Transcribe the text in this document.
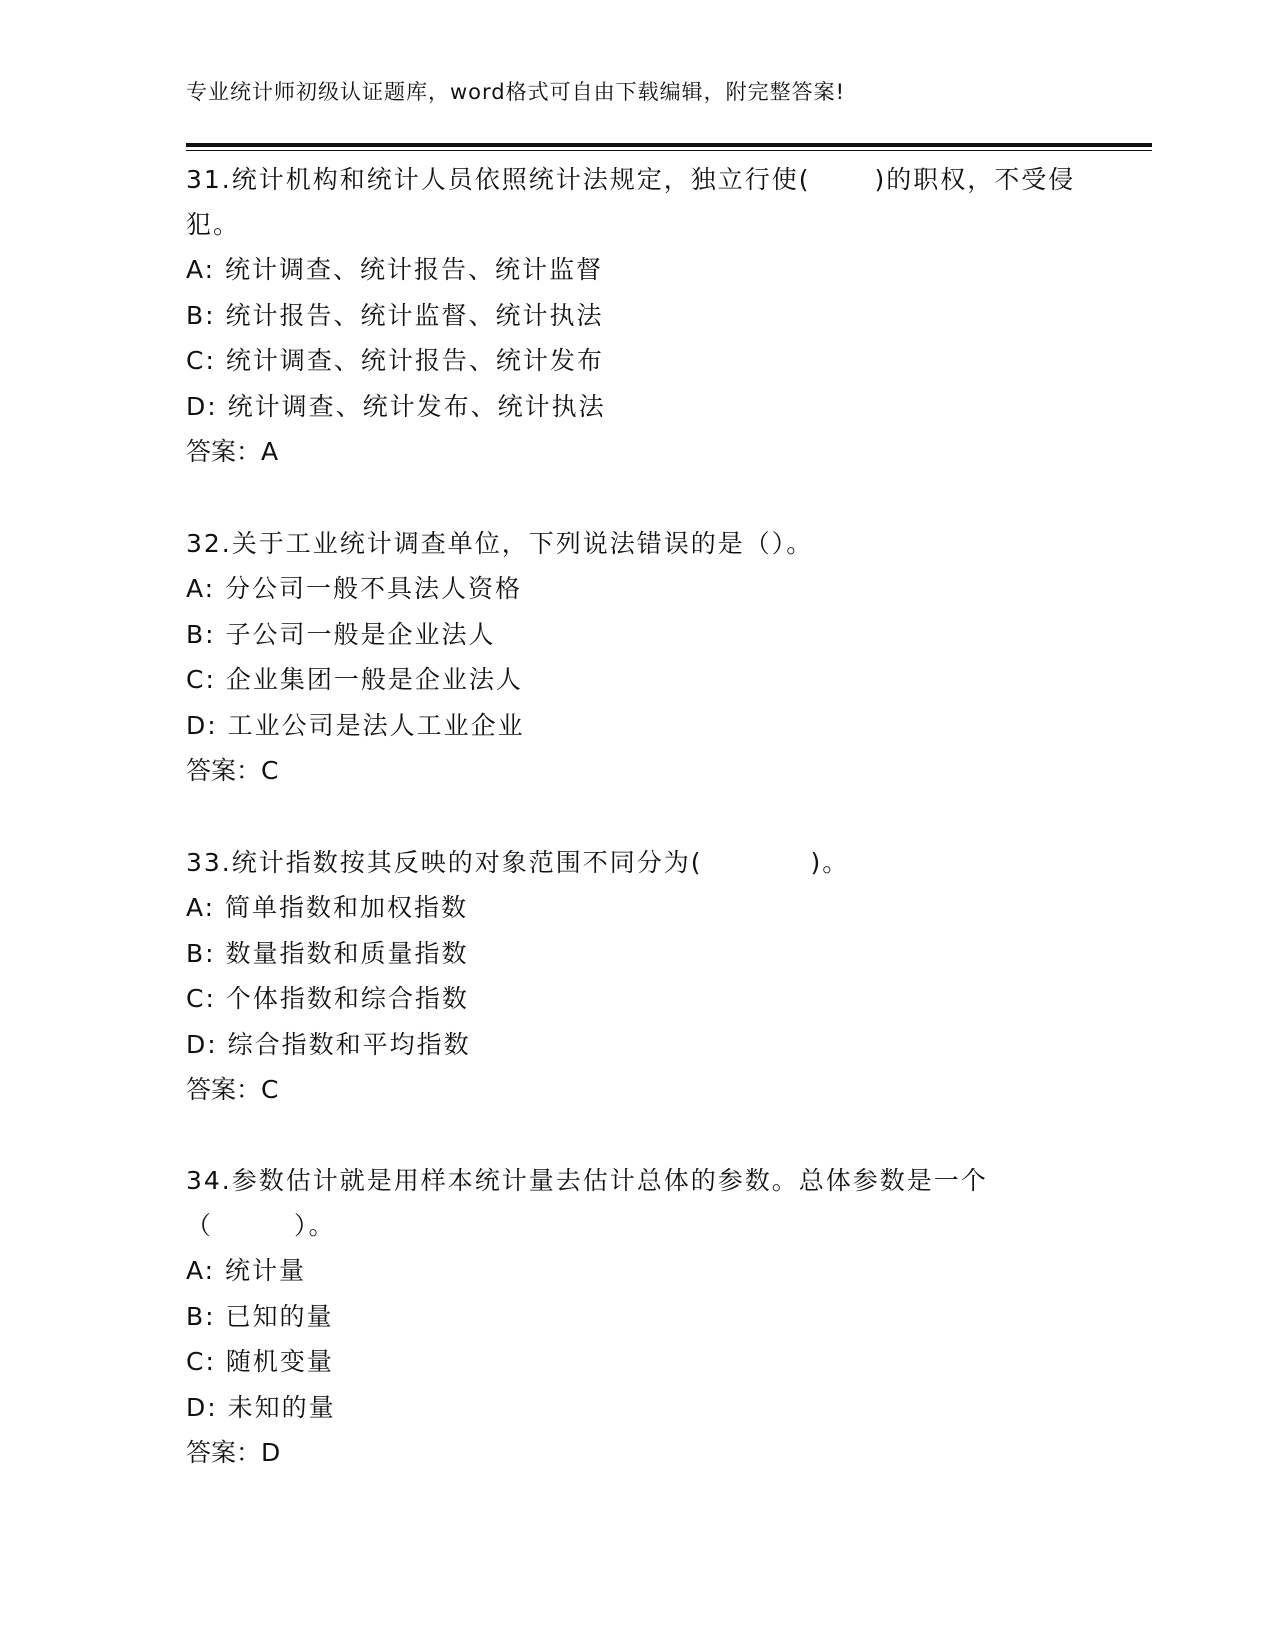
专业统计师初级认证题库，word格式可自由下载编辑，附完整答案!

31.统计机构和统计人员依照统计法规定，独立行使(　　 )的职权，不受侵犯。

A: 统计调查、统计报告、统计监督

B: 统计报告、统计监督、统计执法

C: 统计调查、统计报告、统计发布

D: 统计调查、统计发布、统计执法

答案：A

32.关于工业统计调查单位，下列说法错误的是（）。

A: 分公司一般不具法人资格

B: 子公司一般是企业法人

C: 企业集团一般是企业法人

D: 工业公司是法人工业企业

答案：C

33.统计指数按其反映的对象范围不同分为(　　　　)。

A: 简单指数和加权指数

B: 数量指数和质量指数

C: 个体指数和综合指数

D: 综合指数和平均指数

答案：C

34.参数估计就是用样本统计量去估计总体的参数。总体参数是一个（　　　）。

A: 统计量

B: 已知的量

C: 随机变量

D: 未知的量

答案：D
